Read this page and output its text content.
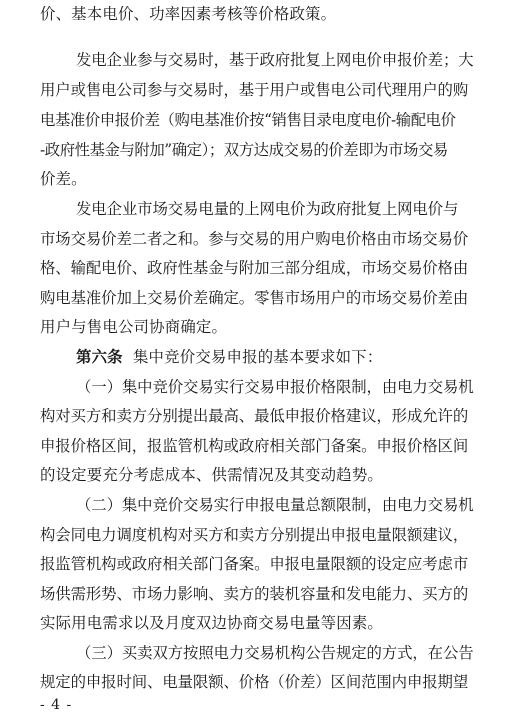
价、基本电价、功率因素考核等价格政策。
发电企业参与交易时，基于政府批复上网电价申报价差；大
用户或售电公司参与交易时，基于用户或售电公司代理用户的购
电基准价申报价差（购电基准价按“销售目录电度电价-输配电价
-政府性基金与附加”确定）；双方达成交易的价差即为市场交易
价差。
发电企业市场交易电量的上网电价为政府批复上网电价与
市场交易价差二者之和。参与交易的用户购电价格由市场交易价
格、输配电价、政府性基金与附加三部分组成，市场交易价格由
购电基准价加上交易价差确定。零售市场用户的市场交易价差由
用户与售电公司协商确定。
第六条 集中竞价交易申报的基本要求如下：
（一）集中竞价交易实行交易申报价格限制，由电力交易机
构对买方和卖方分别提出最高、最低申报价格建议，形成允许的
申报价格区间，报监管机构或政府相关部门备案。申报价格区间
的设定要充分考虑成本、供需情况及其变动趋势。
（二）集中竞价交易实行申报电量总额限制，由电力交易机
构会同电力调度机构对买方和卖方分别提出申报电量限额建议，
报监管机构或政府相关部门备案。申报电量限额的设定应考虑市
场供需形势、市场力影响、卖方的装机容量和发电能力、买方的
实际用电需求以及月度双边协商交易电量等因素。
（三）买卖双方按照电力交易机构公告规定的方式，在公告
规定的申报时间、电量限额、价格（价差）区间范围内申报期望
- 4 -
